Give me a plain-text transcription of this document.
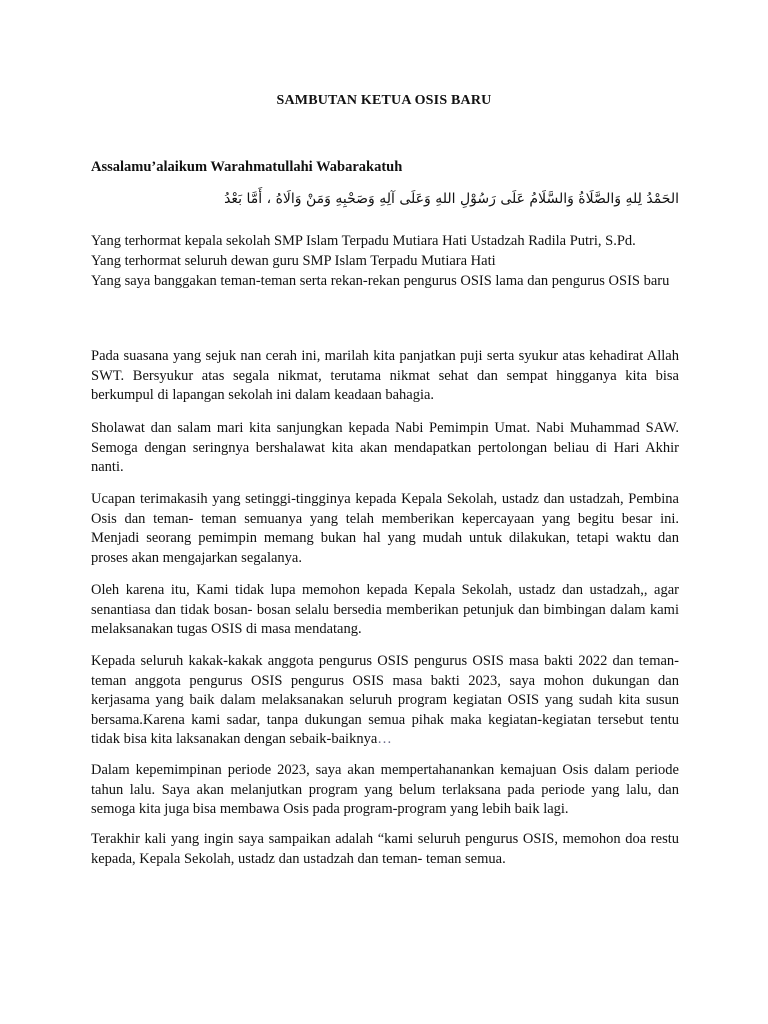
SAMBUTAN KETUA OSIS BARU
Assalamu’alaikum Warahmatullahi Wabarakatuh
الحَمْدُ لِلهِ وَالصَّلَاةُ وَالسَّلَامُ عَلَى رَسُوْلِ اللهِ وَعَلَى آلِهِ وَصَحْبِهِ وَمَنْ وَالَاهُ ، أَمَّا بَعْدُ
Yang terhormat kepala sekolah SMP Islam Terpadu Mutiara Hati Ustadzah Radila Putri, S.Pd.
Yang terhormat seluruh dewan guru SMP Islam Terpadu Mutiara Hati
Yang saya banggakan teman-teman serta rekan-rekan pengurus OSIS lama dan pengurus OSIS baru

Pada suasana yang sejuk nan cerah ini, marilah kita panjatkan puji serta syukur atas kehadirat Allah SWT. Bersyukur atas segala nikmat, terutama nikmat sehat dan sempat hingganya kita bisa berkumpul di lapangan sekolah ini dalam keadaan bahagia.

Sholawat dan salam mari kita sanjungkan kepada Nabi Pemimpin Umat. Nabi Muhammad SAW. Semoga dengan seringnya bershalawat kita akan mendapatkan pertolongan beliau di Hari Akhir nanti.

Ucapan terimakasih yang setinggi-tingginya kepada Kepala Sekolah, ustadz dan ustadzah, Pembina Osis dan teman- teman semuanya yang telah memberikan kepercayaan yang begitu besar ini. Menjadi seorang pemimpin memang bukan hal yang mudah untuk dilakukan, tetapi waktu dan proses akan mengajarkan segalanya.

Oleh karena itu, Kami tidak lupa memohon kepada Kepala Sekolah, ustadz dan ustadzah,, agar senantiasa dan tidak bosan- bosan selalu bersedia memberikan petunjuk dan bimbingan dalam kami melaksanakan tugas OSIS di masa mendatang.

Kepada seluruh kakak-kakak anggota pengurus OSIS pengurus OSIS masa bakti 2022 dan teman- teman anggota pengurus OSIS pengurus OSIS masa bakti 2023, saya mohon dukungan dan kerjasama yang baik dalam melaksanakan seluruh program kegiatan OSIS yang sudah kita susun bersama.Karena kami sadar, tanpa dukungan semua pihak maka kegiatan-kegiatan tersebut tentu tidak bisa kita laksanakan dengan sebaik-baiknya…

Dalam kepemimpinan periode 2023, saya akan mempertahanankan kemajuan Osis dalam periode tahun lalu. Saya akan melanjutkan program yang belum terlaksana pada periode yang lalu, dan semoga kita juga bisa membawa Osis pada program-program yang lebih baik lagi.

Terakhir kali yang ingin saya sampaikan adalah “kami seluruh pengurus OSIS, memohon doa restu kepada, Kepala Sekolah, ustadz dan ustadzah dan teman- teman semua.
